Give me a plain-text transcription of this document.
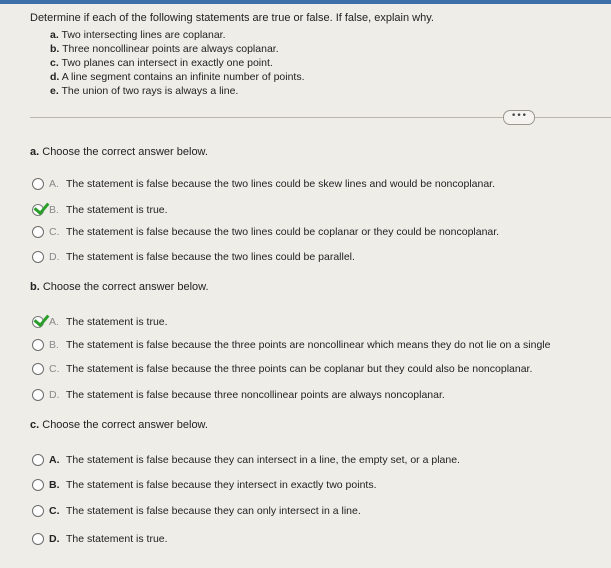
Determine if each of the following statements are true or false. If false, explain why.

a. Two intersecting lines are coplanar.
b. Three noncollinear points are always coplanar.
c. Two planes can intersect in exactly one point.
d. A line segment contains an infinite number of points.
e. The union of two rays is always a line.
•••
a. Choose the correct answer below.
A. The statement is false because the two lines could be skew lines and would be noncoplanar.
B. The statement is true.
C. The statement is false because the two lines could be coplanar or they could be noncoplanar.
D. The statement is false because the two lines could be parallel.
b. Choose the correct answer below.
A. The statement is true.
B. The statement is false because the three points are noncollinear which means they do not lie on a single
C. The statement is false because the three points can be coplanar but they could also be noncoplanar.
D. The statement is false because three noncollinear points are always noncoplanar.
c. Choose the correct answer below.
A. The statement is false because they can intersect in a line, the empty set, or a plane.
B. The statement is false because they intersect in exactly two points.
C. The statement is false because they can only intersect in a line.
D. The statement is true.
